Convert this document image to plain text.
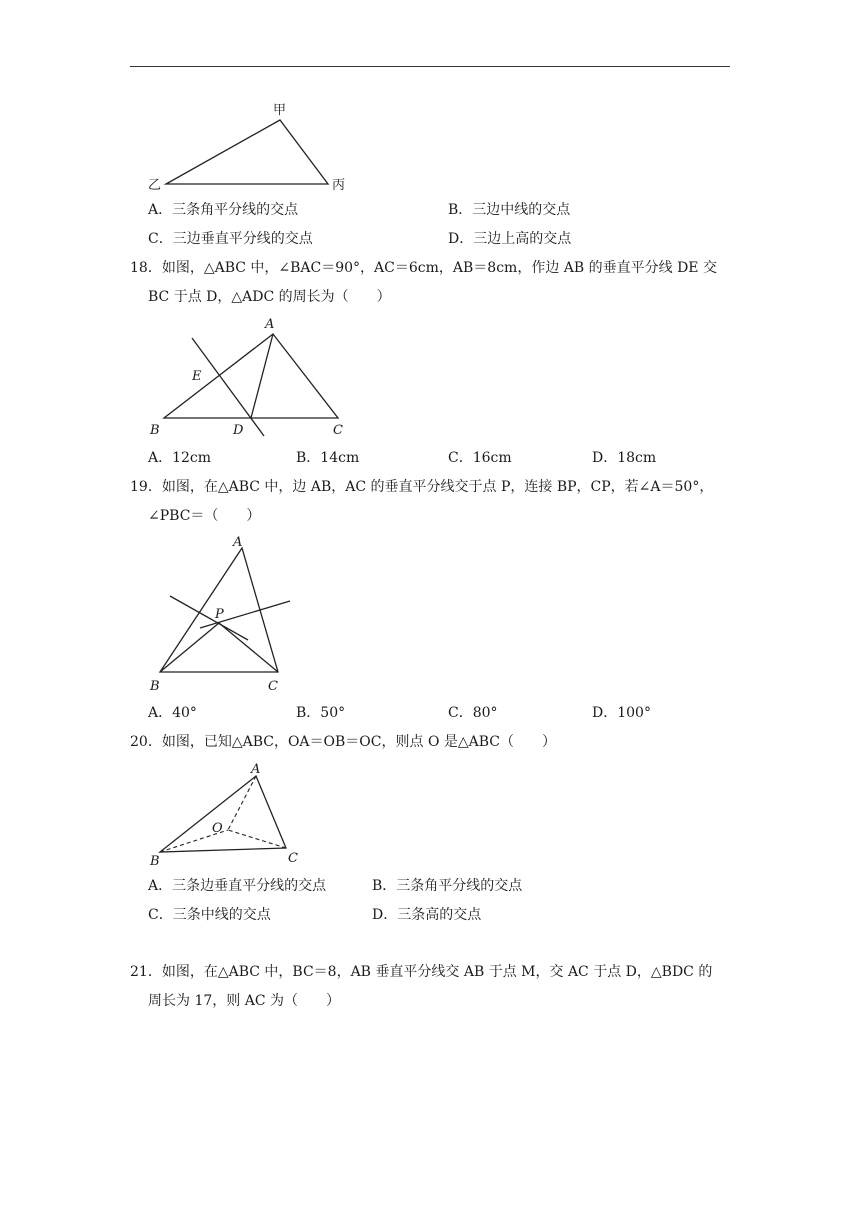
甲
乙	丙
A．三条角平分线的交点	B．三边中线的交点
C．三边垂直平分线的交点	D．三边上高的交点
18．如图，△ABC 中，∠BAC＝90°，AC＝6cm，AB＝8cm，作边 AB 的垂直平分线 DE 交
BC 于点 D，△ADC 的周长为（　　）
A
B	C
D
E
A．12cm	B．14cm	C．16cm	D．18cm
19．如图，在△ABC 中，边 AB，AC 的垂直平分线交于点 P，连接 BP，CP，若∠A＝50°，
∠PBC＝（　　）
A
B	C
P
A．40°	B．50°	C．80°	D．100°
20．如图，已知△ABC，OA＝OB＝OC，则点 O 是△ABC（　　）
A
B	C
O
A．三条边垂直平分线的交点	B．三条角平分线的交点
C．三条中线的交点	D．三条高的交点
21．如图，在△ABC 中，BC＝8，AB 垂直平分线交 AB 于点 M，交 AC 于点 D，△BDC 的
周长为 17，则 AC 为（　　）
